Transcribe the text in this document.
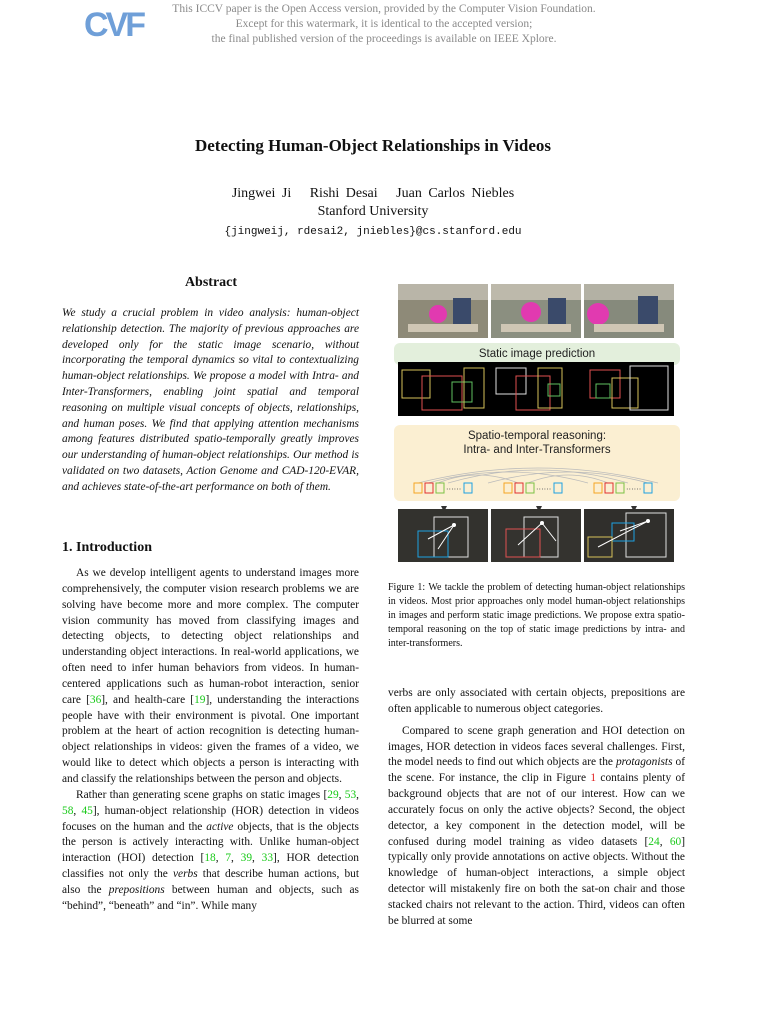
CVF	This ICCV paper is the Open Access version, provided by the Computer Vision Foundation.
Except for this watermark, it is identical to the accepted version;
the final published version of the proceedings is available on IEEE Xplore.
Detecting Human-Object Relationships in Videos
Jingwei Ji Rishi Desai Juan Carlos Niebles
Stanford University
{jingweij, rdesai2, jniebles}@cs.stanford.edu
Abstract
We study a crucial problem in video analysis: human-object relationship detection. The majority of previous approaches are developed only for the static image scenario, without incorporating the temporal dynamics so vital to contextualizing human-object relationships. We propose a model with Intra- and Inter-Transformers, enabling joint spatial and temporal reasoning on multiple visual concepts of objects, relationships, and human poses. We find that applying attention mechanisms among features distributed spatio-temporally greatly improves our understanding of human-object relationships. Our method is validated on two datasets, Action Genome and CAD-120-EVAR, and achieves state-of-the-art performance on both of them.
1. Introduction

As we develop intelligent agents to understand images more comprehensively, the computer vision research problems we are solving have become more and more complex. The computer vision community has moved from classifying images and detecting objects, to detecting object relationships and understanding object interactions. In real-world applications, we often need to infer human behaviors from videos. In human-centered applications such as human-robot interaction, senior care [36], and health-care [19], understanding the interactions people have with their environment is pivotal. One important problem at the heart of action recognition is detecting human-object relationships in videos: given the frames of a video, we would like to detect which objects a person is interacting with and classify the relationships between the person and objects.

Rather than generating scene graphs on static images [29, 53, 58, 45], human-object relationship (HOR) detection in videos focuses on the human and the active objects, that is the objects the person is actively interacting with. Unlike human-object interaction (HOI) detection [18, 7, 39, 33], HOR detection classifies not only the verbs that describe human actions, but also the prepositions between human and objects, such as “behind”, “beneath” and “in”. While many

verbs are only associated with certain objects, prepositions are often applicable to numerous object categories.

Compared to scene graph generation and HOI detection on images, HOR detection in videos faces several challenges. First, the model needs to find out which objects are the protagonists of the scene. For instance, the clip in Figure 1 contains plenty of background objects that are not of our interest. How can we accurately focus on only the active objects? Second, the object detector, a key component in the detection model, will be confused during model training as video datasets [24, 60] typically only provide annotations on active objects. Without the knowledge of human-object interactions, a simple object detector will mistakenly fire on both the sat-on chair and those stacked chairs not relevant to the action. Third, videos can often be blurred at some

Static image prediction
Spatio-temporal reasoning:
Intra- and Inter-Transformers
······	······	······
Figure 1: We tackle the problem of detecting human-object relationships in videos. Most prior approaches only model human-object relationships in images and perform static image predictions. We propose extra spatio-temporal reasoning on the top of static image predictions by intra- and inter-transformers.
